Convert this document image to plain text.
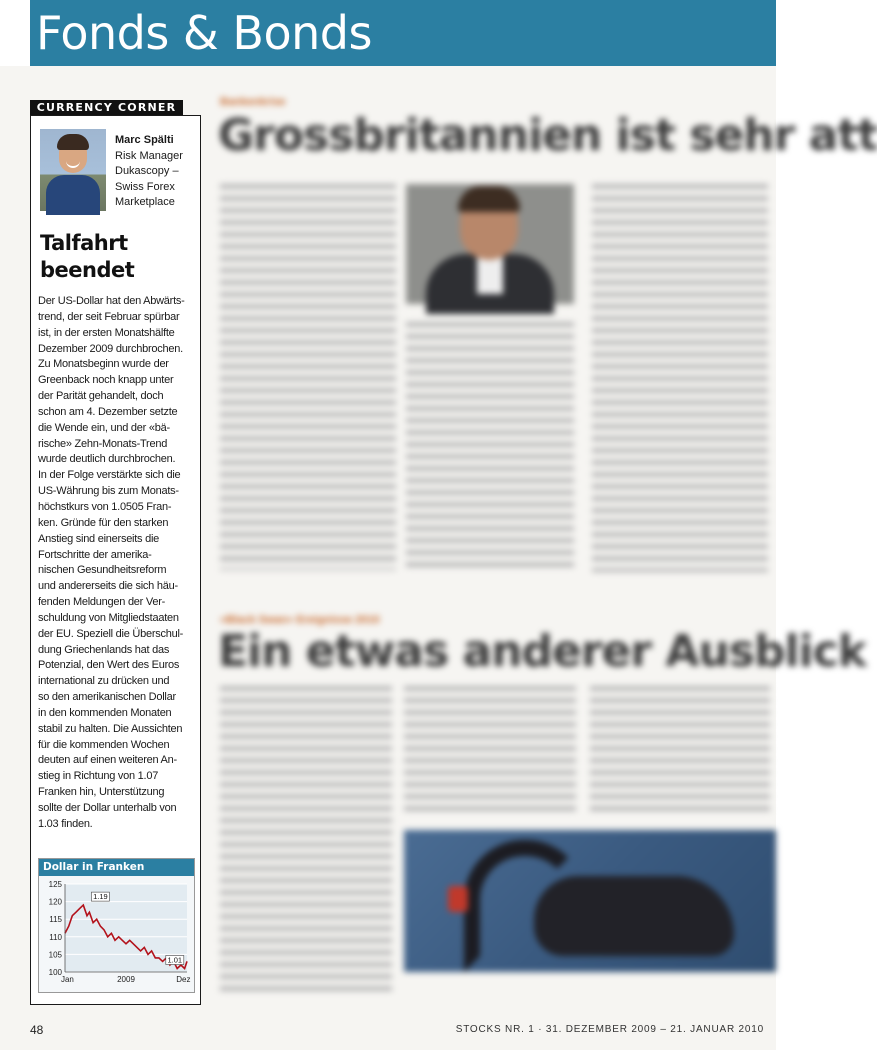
Fonds & Bonds
CURRENCY CORNER
Marc Spälti
Risk Manager
Dukascopy –
Swiss Forex
Marketplace
Talfahrt
beendet
Der US-Dollar hat den Abwärts-
trend, der seit Februar spürbar
ist, in der ersten Monatshälfte
Dezember 2009 durchbrochen.
Zu Monatsbeginn wurde der
Greenback noch knapp unter
der Parität gehandelt, doch
schon am 4. Dezember setzte
die Wende ein, und der «bä-
rische» Zehn-Monats-Trend
wurde deutlich durchbrochen.
In der Folge verstärkte sich die
US-Währung bis zum Monats-
höchstkurs von 1.0505 Fran-
ken. Gründe für den starken
Anstieg sind einerseits die
Fortschritte der amerika-
nischen Gesundheitsreform
und andererseits die sich häu-
fenden Meldungen der Ver-
schuldung von Mitgliedstaaten
der EU. Speziell die Überschul-
dung Griechenlands hat das
Potenzial, den Wert des Euros
international zu drücken und
so den amerikanischen Dollar
in den kommenden Monaten
stabil zu halten. Die Aussichten
für die kommenden Wochen
deuten auf einen weiteren An-
stieg in Richtung von 1.07
Franken hin, Unterstützung
sollte der Dollar unterhalb von
1.03 finden.
Dollar in Franken
125
120
115
110
105
100
Jan	2009	Dez
1.19
1.01
Bankenkrise
Grossbritannien ist sehr att
«Black Swan» Ereignisse 2010
Ein etwas anderer Ausblick
48	STOCKS NR. 1 · 31. DEZEMBER 2009 – 21. JANUAR 2010
